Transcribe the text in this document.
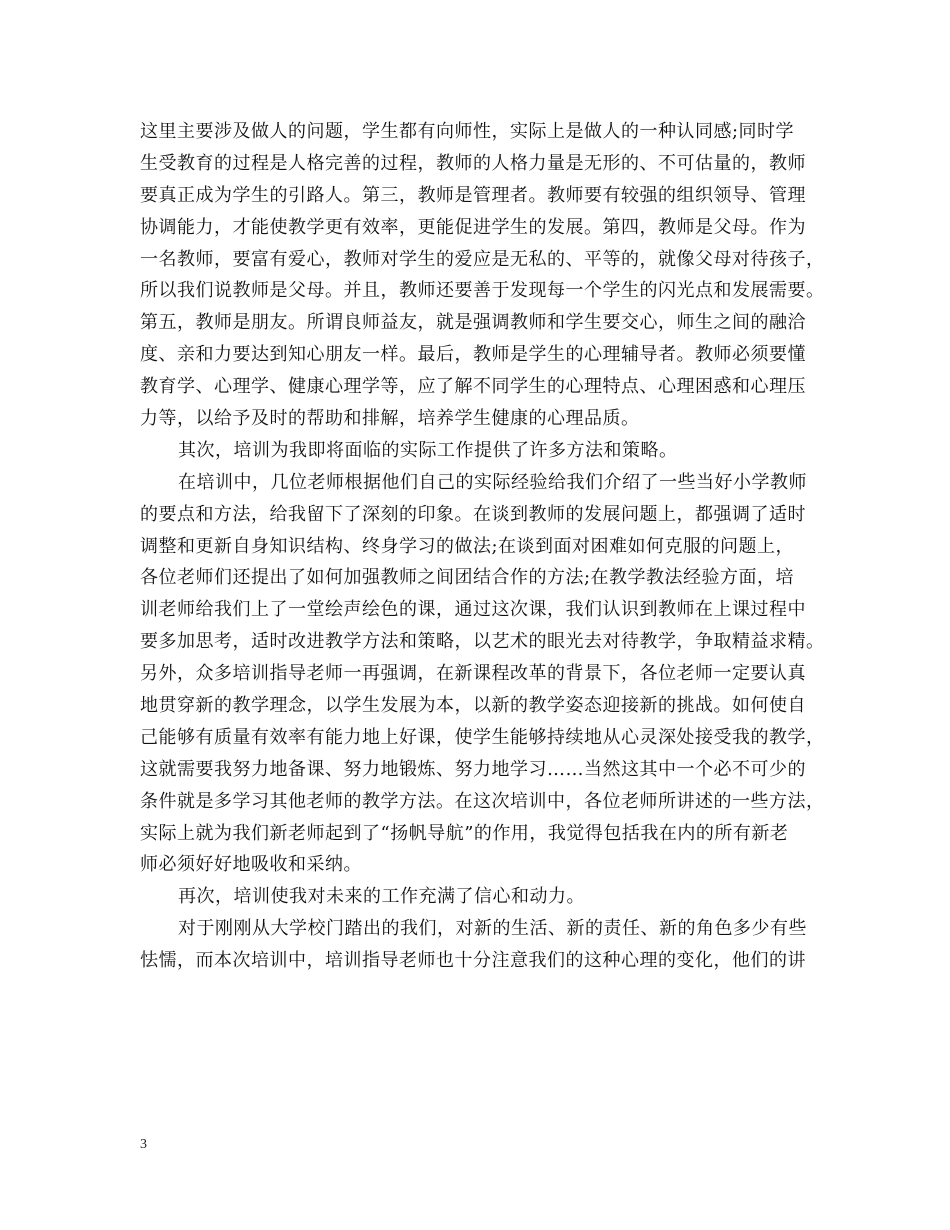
这里主要涉及做人的问题，学生都有向师性，实际上是做人的一种认同感;同时学
生受教育的过程是人格完善的过程，教师的人格力量是无形的、不可估量的，教师
要真正成为学生的引路人。第三，教师是管理者。教师要有较强的组织领导、管理
协调能力，才能使教学更有效率，更能促进学生的发展。第四，教师是父母。作为
一名教师，要富有爱心，教师对学生的爱应是无私的、平等的，就像父母对待孩子，
所以我们说教师是父母。并且，教师还要善于发现每一个学生的闪光点和发展需要。
第五，教师是朋友。所谓良师益友，就是强调教师和学生要交心，师生之间的融洽
度、亲和力要达到知心朋友一样。最后，教师是学生的心理辅导者。教师必须要懂
教育学、心理学、健康心理学等，应了解不同学生的心理特点、心理困惑和心理压
力等，以给予及时的帮助和排解，培养学生健康的心理品质。
其次，培训为我即将面临的实际工作提供了许多方法和策略。
在培训中，几位老师根据他们自己的实际经验给我们介绍了一些当好小学教师
的要点和方法，给我留下了深刻的印象。在谈到教师的发展问题上，都强调了适时
调整和更新自身知识结构、终身学习的做法;在谈到面对困难如何克服的问题上，
各位老师们还提出了如何加强教师之间团结合作的方法;在教学教法经验方面，培
训老师给我们上了一堂绘声绘色的课，通过这次课，我们认识到教师在上课过程中
要多加思考，适时改进教学方法和策略，以艺术的眼光去对待教学，争取精益求精。
另外，众多培训指导老师一再强调，在新课程改革的背景下，各位老师一定要认真
地贯穿新的教学理念，以学生发展为本，以新的教学姿态迎接新的挑战。如何使自
己能够有质量有效率有能力地上好课，使学生能够持续地从心灵深处接受我的教学，
这就需要我努力地备课、努力地锻炼、努力地学习……当然这其中一个必不可少的
条件就是多学习其他老师的教学方法。在这次培训中，各位老师所讲述的一些方法，
实际上就为我们新老师起到了“扬帆导航”的作用，我觉得包括我在内的所有新老
师必须好好地吸收和采纳。
再次，培训使我对未来的工作充满了信心和动力。
对于刚刚从大学校门踏出的我们，对新的生活、新的责任、新的角色多少有些
怯懦，而本次培训中，培训指导老师也十分注意我们的这种心理的变化，他们的讲
3
